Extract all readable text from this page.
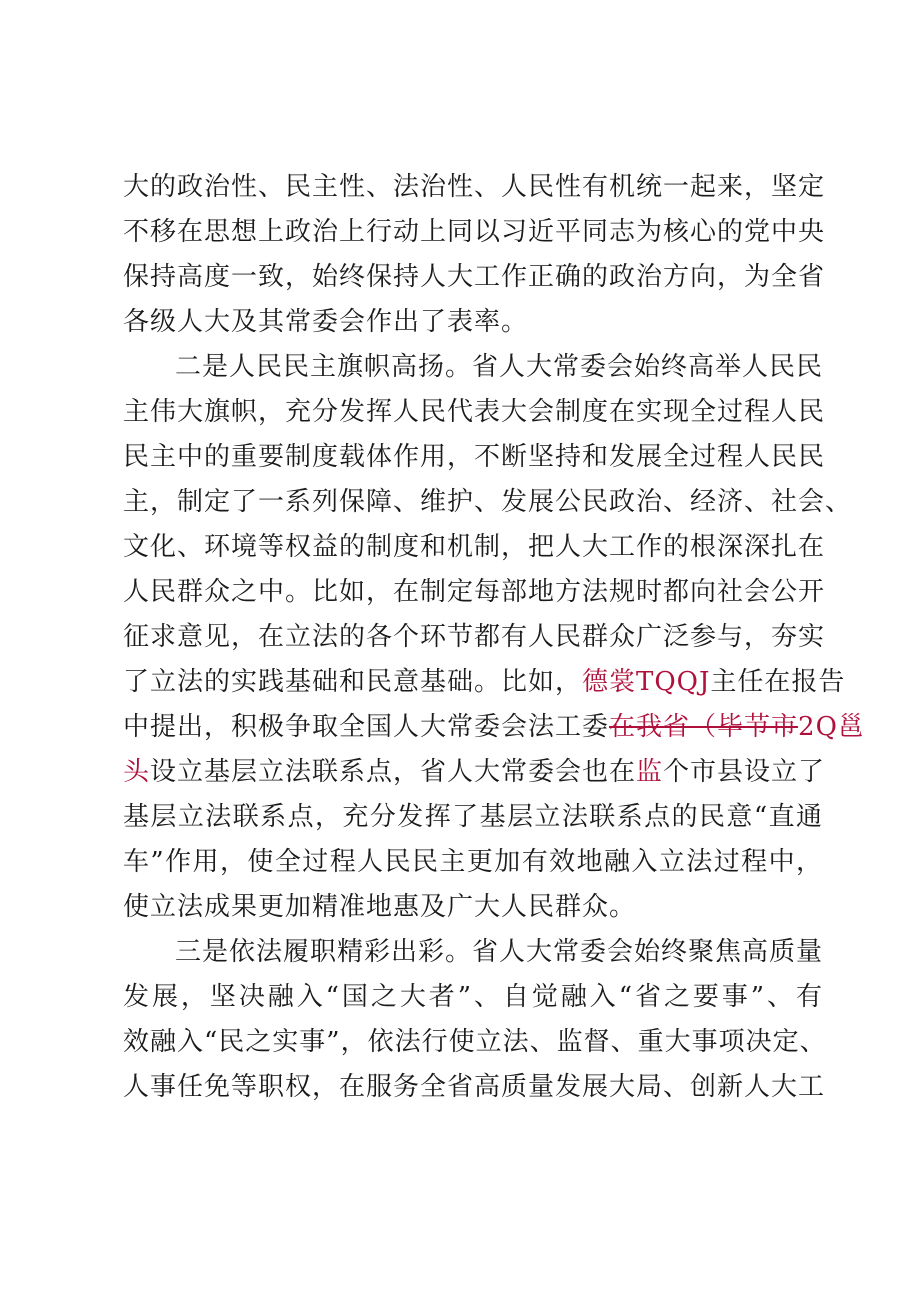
大的政治性、民主性、法治性、人民性有机统一起来，坚定
不移在思想上政治上行动上同以习近平同志为核心的党中央
保持高度一致，始终保持人大工作正确的政治方向，为全省
各级人大及其常委会作出了表率。
二是人民民主旗帜高扬。省人大常委会始终高举人民民
主伟大旗帜，充分发挥人民代表大会制度在实现全过程人民
民主中的重要制度载体作用，不断坚持和发展全过程人民民
主，制定了一系列保障、维护、发展公民政治、经济、社会、
文化、环境等权益的制度和机制，把人大工作的根深深扎在
人民群众之中。比如，在制定每部地方法规时都向社会公开
征求意见，在立法的各个环节都有人民群众广泛参与，夯实
了立法的实践基础和民意基础。比如，德裳TQQJ主任在报告
中提出，积极争取全国人大常委会法工委在我省（毕节市2Q邕
头设立基层立法联系点，省人大常委会也在监个市县设立了
基层立法联系点，充分发挥了基层立法联系点的民意“直通
车”作用，使全过程人民民主更加有效地融入立法过程中，
使立法成果更加精准地惠及广大人民群众。
三是依法履职精彩出彩。省人大常委会始终聚焦高质量
发展，坚决融入“国之大者”、自觉融入“省之要事”、有
效融入“民之实事”，依法行使立法、监督、重大事项决定、
人事任免等职权，在服务全省高质量发展大局、创新人大工
